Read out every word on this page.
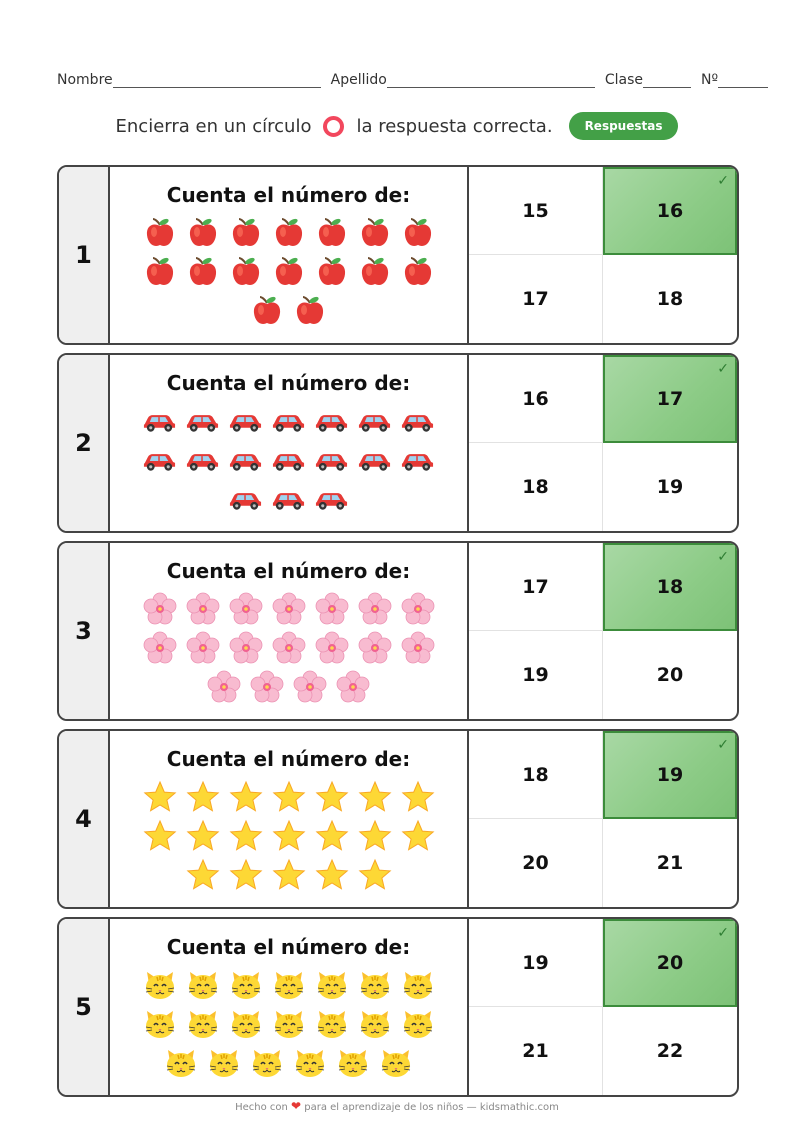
Nombre	Apellido	Clase	Nº
Encierra en un círculo	la respuesta correcta.	Respuestas
1
Cuenta el número de:
15	16
✓
17	18
2
Cuenta el número de:
16	17
✓
18	19
3
Cuenta el número de:
17	18
✓
19	20
4
Cuenta el número de:
18	19
✓
20	21
5
Cuenta el número de:
19	20
✓
21	22
Hecho con ❤ para el aprendizaje de los niños — kidsmathic.com
